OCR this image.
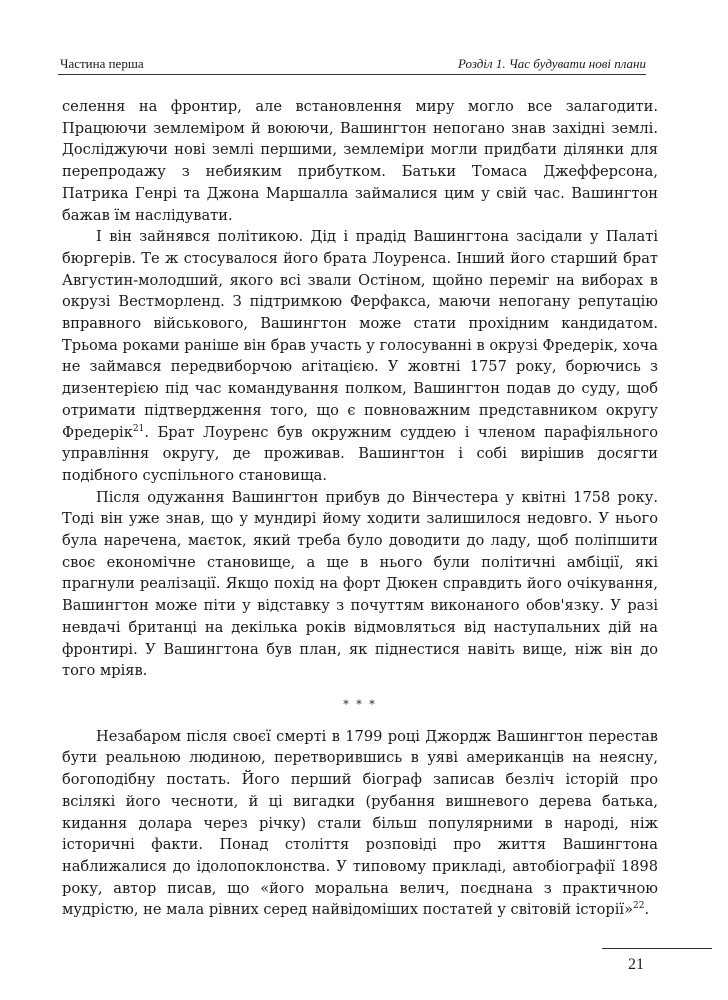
Частина перша	Розділ 1. Час будувати нові плани

селення на фронтир, але встановлення миру могло все залагодити. Працюючи землеміром й воюючи, Вашингтон непогано знав західні землі. Досліджуючи нові землі першими, землеміри могли придбати ділянки для перепродажу з небияким прибутком. Батьки Томаса Джефферсона, Патрика Генрі та Джона Маршалла займалися цим у свій час. Вашингтон бажав їм наслідувати.

І він зайнявся політикою. Дід і прадід Вашингтона засідали у Палаті бюргерів. Те ж стосувалося його брата Лоуренса. Інший його старший брат Августин-молодший, якого всі звали Остіном, щойно переміг на виборах в окрузі Вестморленд. З підтримкою Ферфакса, маючи непогану репутацію вправного військового, Вашингтон може стати прохідним кандидатом. Трьома роками раніше він брав участь у голосуванні в окрузі Фредерік, хоча не займався передвиборчою агітацією. У жовтні 1757 року, борючись з дизентерією під час командування полком, Вашингтон подав до суду, щоб отримати підтвердження того, що є повноважним представником округу Фредерік$^{21}$. Брат Лоуренс був окружним суддею і членом парафіяльного управління округу, де проживав. Вашингтон і собі вирішив досягти подібного суспільного становища.

Після одужання Вашингтон прибув до Вінчестера у квітні 1758 року. Тоді він уже знав, що у мундирі йому ходити залишилося недовго. У нього була наречена, маєток, який треба було доводити до ладу, щоб поліпшити своє економічне становище, а ще в нього були політичні амбіції, які прагнули реалізації. Якщо похід на форт Дюкен справдить його очікування, Вашингтон може піти у відставку з почуттям виконаного обов'язку. У разі невдачі британці на декілька років відмовляться від наступальних дій на фронтирі. У Вашингтона був план, як піднестися навіть вище, ніж він до того мріяв.

* * *

Незабаром після своєї смерті в 1799 році Джордж Вашингтон перестав бути реальною людиною, перетворившись в уяві американців на неясну, богоподібну постать. Його перший біограф записав безліч історій про всілякі його чесноти, й ці вигадки (рубання вишневого дерева батька, кидання долара через річку) стали більш популярними в народі, ніж історичні факти. Понад століття розповіді про життя Вашингтона наближалися до ідолопоклонства. У типовому прикладі, автобіографії 1898 року, автор писав, що «його моральна велич, поєднана з практичною мудрістю, не мала рівних серед найвідоміших постатей у світовій історії»$^{22}$.

21
